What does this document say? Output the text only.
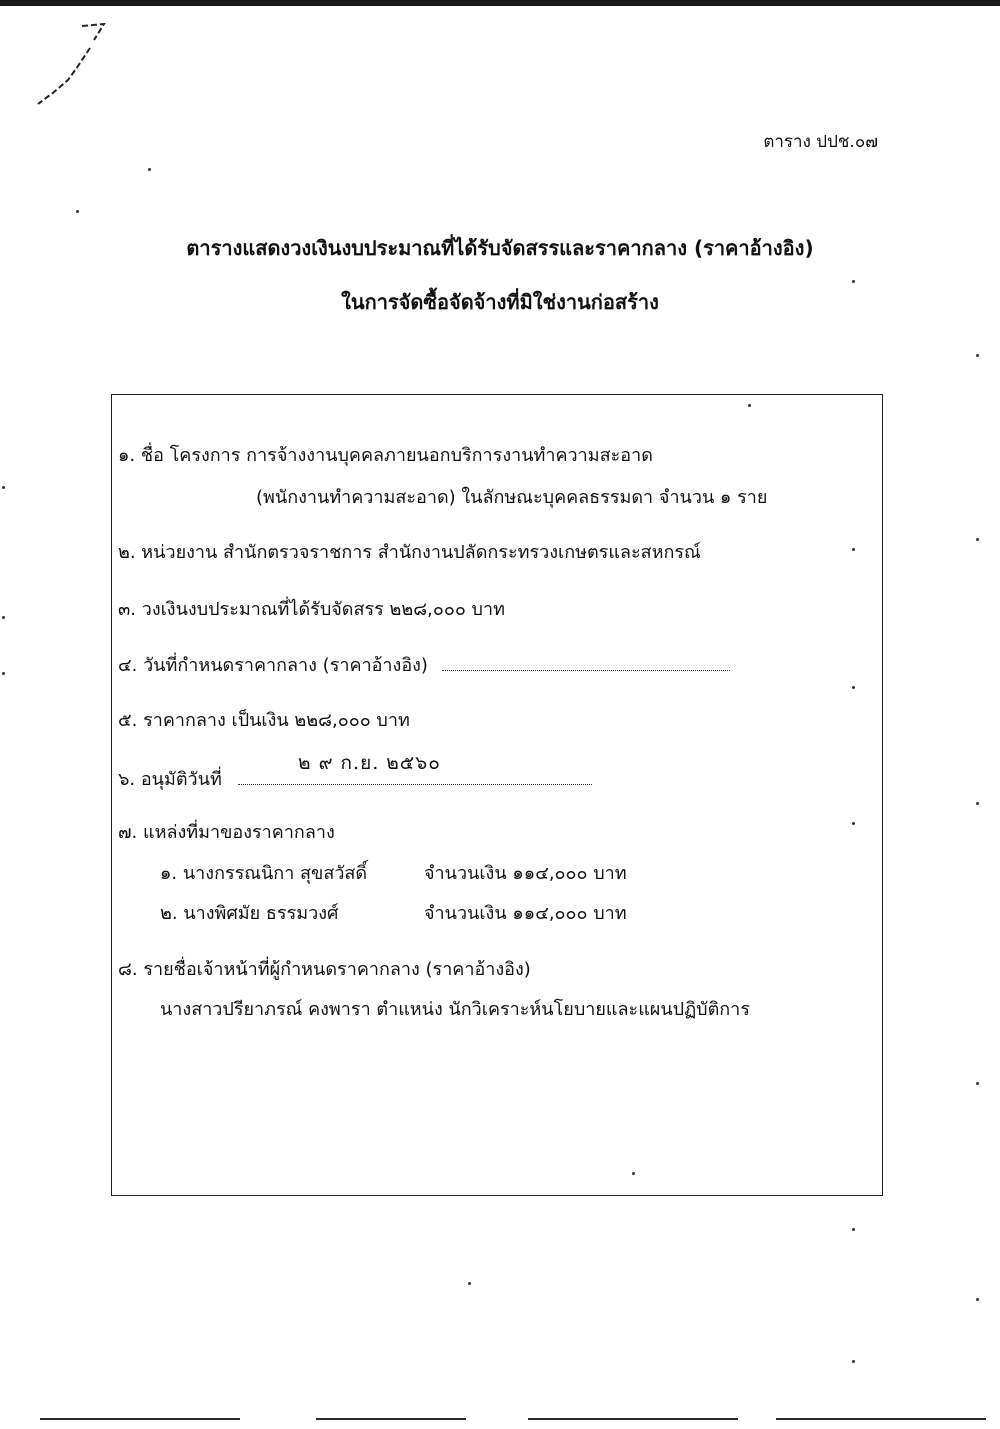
ตาราง ปปช.๐๗
ตารางแสดงวงเงินงบประมาณที่ได้รับจัดสรรและราคากลาง (ราคาอ้างอิง)
ในการจัดซื้อจัดจ้างที่มิใช่งานก่อสร้าง
๑. ชื่อ โครงการ การจ้างงานบุคคลภายนอกบริการงานทำความสะอาด
(พนักงานทำความสะอาด) ในลักษณะบุคคลธรรมดา จำนวน ๑ ราย
๒. หน่วยงาน สำนักตรวจราชการ สำนักงานปลัดกระทรวงเกษตรและสหกรณ์
๓. วงเงินงบประมาณที่ได้รับจัดสรร ๒๒๘,๐๐๐ บาท
๔. วันที่กำหนดราคากลาง (ราคาอ้างอิง)
๕. ราคากลาง เป็นเงิน ๒๒๘,๐๐๐ บาท
๖. อนุมัติวันที่
๒ ๙ ก.ย. ๒๕๖๐
๗. แหล่งที่มาของราคากลาง
๑. นางกรรณนิกา สุขสวัสดิ์	จำนวนเงิน ๑๑๔,๐๐๐ บาท
๒. นางพิศมัย ธรรมวงศ์	จำนวนเงิน ๑๑๔,๐๐๐ บาท
๘. รายชื่อเจ้าหน้าที่ผู้กำหนดราคากลาง (ราคาอ้างอิง)
นางสาวปรียาภรณ์ คงพารา ตำแหน่ง นักวิเคราะห์นโยบายและแผนปฏิบัติการ
